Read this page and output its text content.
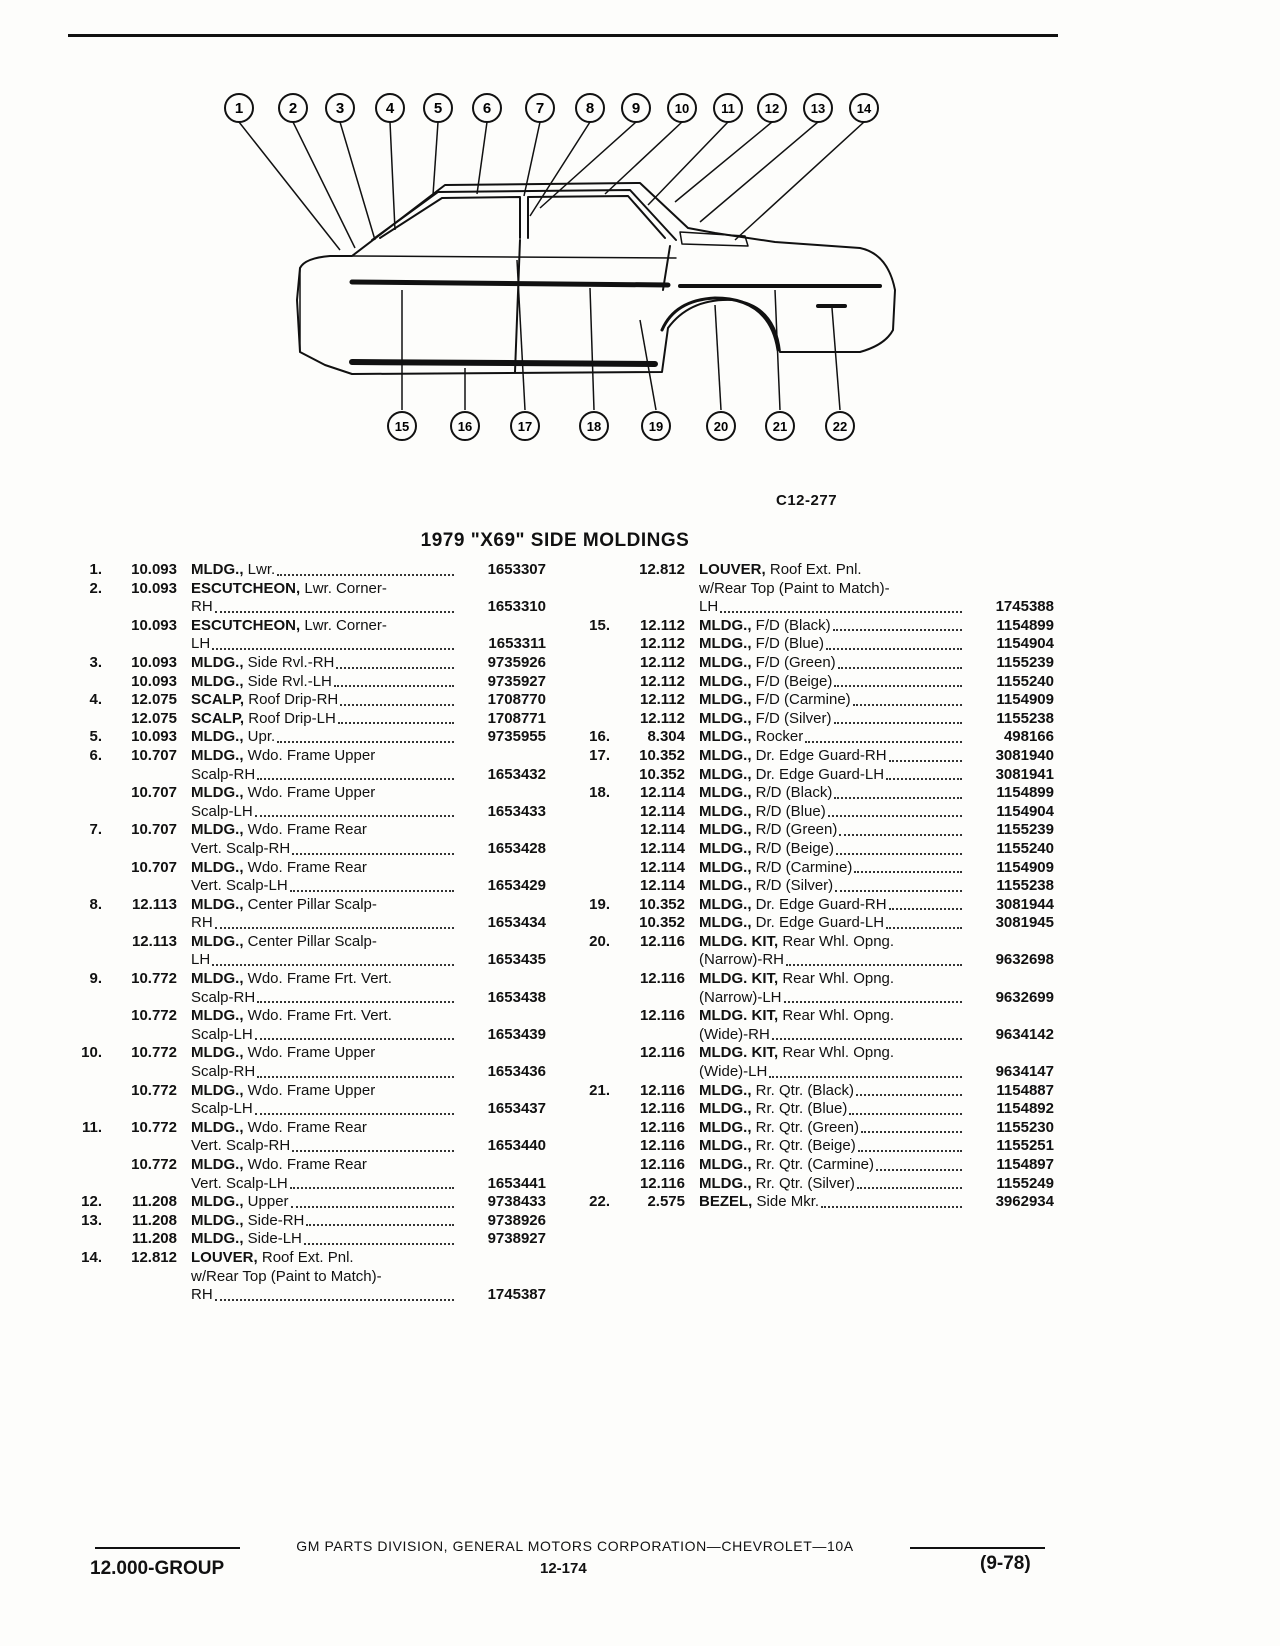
1	2	3	4	5	6	7	8	9	10 11 12 13 14
15	16	17	18	19	20	21	22
C12-277
1979 "X69" SIDE MOLDINGS
1.	10.093 MLDG., Lwr.	1653307
2.	10.093 ESCUTCHEON, Lwr. Corner-
RH	1653310
10.093 ESCUTCHEON, Lwr. Corner-
LH	1653311
3.	10.093 MLDG., Side Rvl.-RH	9735926
10.093 MLDG., Side Rvl.-LH	9735927
4.	12.075 SCALP, Roof Drip-RH	1708770
12.075 SCALP, Roof Drip-LH	1708771
5.	10.093 MLDG., Upr.	9735955
6.	10.707 MLDG., Wdo. Frame Upper
Scalp-RH	1653432
10.707 MLDG., Wdo. Frame Upper
Scalp-LH	1653433
7.	10.707 MLDG., Wdo. Frame Rear
Vert. Scalp-RH	1653428
10.707 MLDG., Wdo. Frame Rear
Vert. Scalp-LH	1653429
8.	12.113 MLDG., Center Pillar Scalp-
RH	1653434
12.113 MLDG., Center Pillar Scalp-
LH	1653435
9.	10.772 MLDG., Wdo. Frame Frt. Vert.
Scalp-RH	1653438
10.772 MLDG., Wdo. Frame Frt. Vert.
Scalp-LH	1653439
10.	10.772 MLDG., Wdo. Frame Upper
Scalp-RH	1653436
10.772 MLDG., Wdo. Frame Upper
Scalp-LH	1653437
11.	10.772 MLDG., Wdo. Frame Rear
Vert. Scalp-RH	1653440
10.772 MLDG., Wdo. Frame Rear
Vert. Scalp-LH	1653441
12.	11.208 MLDG., Upper	9738433
13.	11.208 MLDG., Side-RH	9738926
11.208 MLDG., Side-LH	9738927
14.	12.812 LOUVER, Roof Ext. Pnl.
w/Rear Top (Paint to Match)-
RH	1745387
12.812 LOUVER, Roof Ext. Pnl.
w/Rear Top (Paint to Match)-
LH	1745388
15.	12.112 MLDG., F/D (Black)	1154899
12.112 MLDG., F/D (Blue)	1154904
12.112 MLDG., F/D (Green)	1155239
12.112 MLDG., F/D (Beige)	1155240
12.112 MLDG., F/D (Carmine)	1154909
12.112 MLDG., F/D (Silver)	1155238
16.	8.304 MLDG., Rocker	498166
17.	10.352 MLDG., Dr. Edge Guard-RH	3081940
10.352 MLDG., Dr. Edge Guard-LH	3081941
18.	12.114 MLDG., R/D (Black)	1154899
12.114 MLDG., R/D (Blue)	1154904
12.114 MLDG., R/D (Green)	1155239
12.114 MLDG., R/D (Beige)	1155240
12.114 MLDG., R/D (Carmine)	1154909
12.114 MLDG., R/D (Silver)	1155238
19.	10.352 MLDG., Dr. Edge Guard-RH	3081944
10.352 MLDG., Dr. Edge Guard-LH	3081945
20.	12.116 MLDG. KIT, Rear Whl. Opng.
(Narrow)-RH	9632698
12.116 MLDG. KIT, Rear Whl. Opng.
(Narrow)-LH	9632699
12.116 MLDG. KIT, Rear Whl. Opng.
(Wide)-RH	9634142
12.116 MLDG. KIT, Rear Whl. Opng.
(Wide)-LH	9634147
21.	12.116 MLDG., Rr. Qtr. (Black)	1154887
12.116 MLDG., Rr. Qtr. (Blue)	1154892
12.116 MLDG., Rr. Qtr. (Green)	1155230
12.116 MLDG., Rr. Qtr. (Beige)	1155251
12.116 MLDG., Rr. Qtr. (Carmine)	1154897
12.116 MLDG., Rr. Qtr. (Silver)	1155249
22.	2.575 BEZEL, Side Mkr.	3962934
GM PARTS DIVISION, GENERAL MOTORS CORPORATION—CHEVROLET—10A
12.000-GROUP	12-174	(9-78)
